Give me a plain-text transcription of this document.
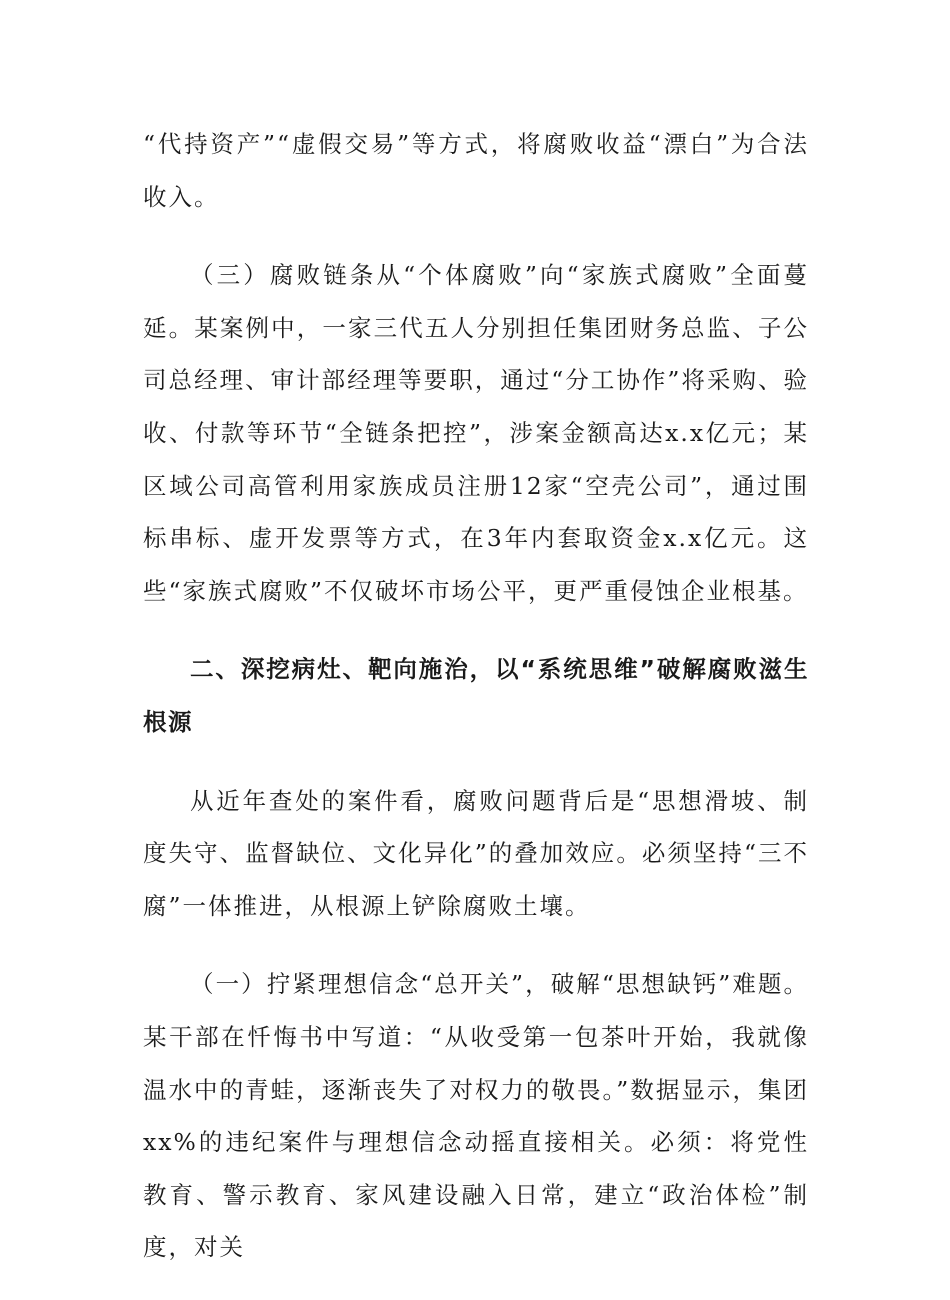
“代持资产”“虚假交易”等方式，将腐败收益“漂白”为合法收入。

（三）腐败链条从“个体腐败”向“家族式腐败”全面蔓延。某案例中，一家三代五人分别担任集团财务总监、子公司总经理、审计部经理等要职，通过“分工协作”将采购、验收、付款等环节“全链条把控”，涉案金额高达x.x亿元；某区域公司高管利用家族成员注册12家“空壳公司”，通过围标串标、虚开发票等方式，在3年内套取资金x.x亿元。这些“家族式腐败”不仅破坏市场公平，更严重侵蚀企业根基。

二、深挖病灶、靶向施治，以“系统思维”破解腐败滋生根源

从近年查处的案件看，腐败问题背后是“思想滑坡、制度失守、监督缺位、文化异化”的叠加效应。必须坚持“三不腐”一体推进，从根源上铲除腐败土壤。

（一）拧紧理想信念“总开关”，破解“思想缺钙”难题。某干部在忏悔书中写道：“从收受第一包茶叶开始，我就像温水中的青蛙，逐渐丧失了对权力的敬畏。”数据显示，集团xx%的违纪案件与理想信念动摇直接相关。必须：将党性教育、警示教育、家风建设融入日常，建立“政治体检”制度，对关
